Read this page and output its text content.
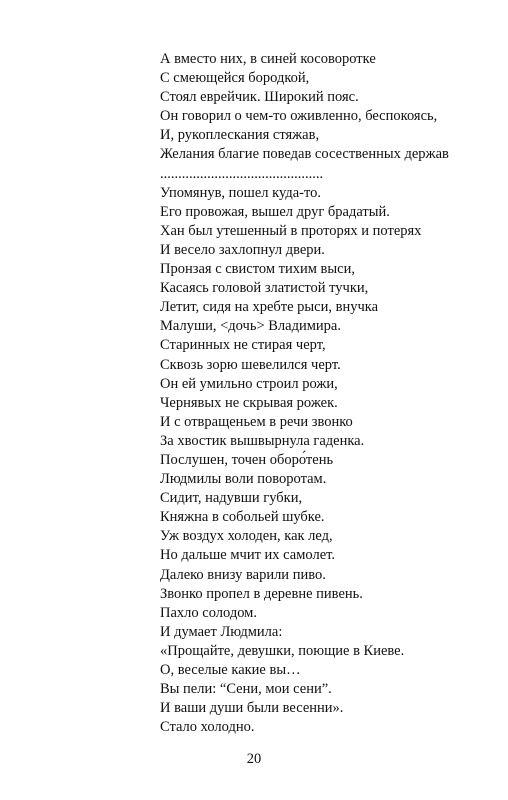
А вместо них, в синей косоворотке
С смеющейся бородкой,
Стоял еврейчик. Широкий пояс.
Он говорил о чем-то оживленно, беспокоясь,
И, рукоплескания стяжав,
Желания благие поведав сосественных держав
.............................................
Упомянув, пошел куда-то.
Его провожая, вышел друг брадатый.
Хан был утешенный в проторях и потерях
И весело захлопнул двери.
Пронзая с свистом тихим выси,
Касаясь головой златистой тучки,
Летит, сидя на хребте рыси, внучка
Малуши, <дочь> Владимира.
Старинных не стирая черт,
Сквозь зорю шевелился черт.
Он ей умильно строил рожи,
Чернявых не скрывая рожек.
И с отвращеньем в речи звонко
За хвостик вышвырнула гаденка.
Послушен, точен оборо́тень
Людмилы воли поворотам.
Сидит, надувши губки,
Княжна в собольей шубке.
Уж воздух холоден, как лед,
Но дальше мчит их самолет.
Далеко внизу варили пиво.
Звонко пропел в деревне пивень.
Пахло солодом.
И думает Людмила:
«Прощайте, девушки, поющие в Киеве.
О, веселые какие вы…
Вы пели: “Сени, мои сени”.
И ваши души были весенни».
Стало холодно.
20
